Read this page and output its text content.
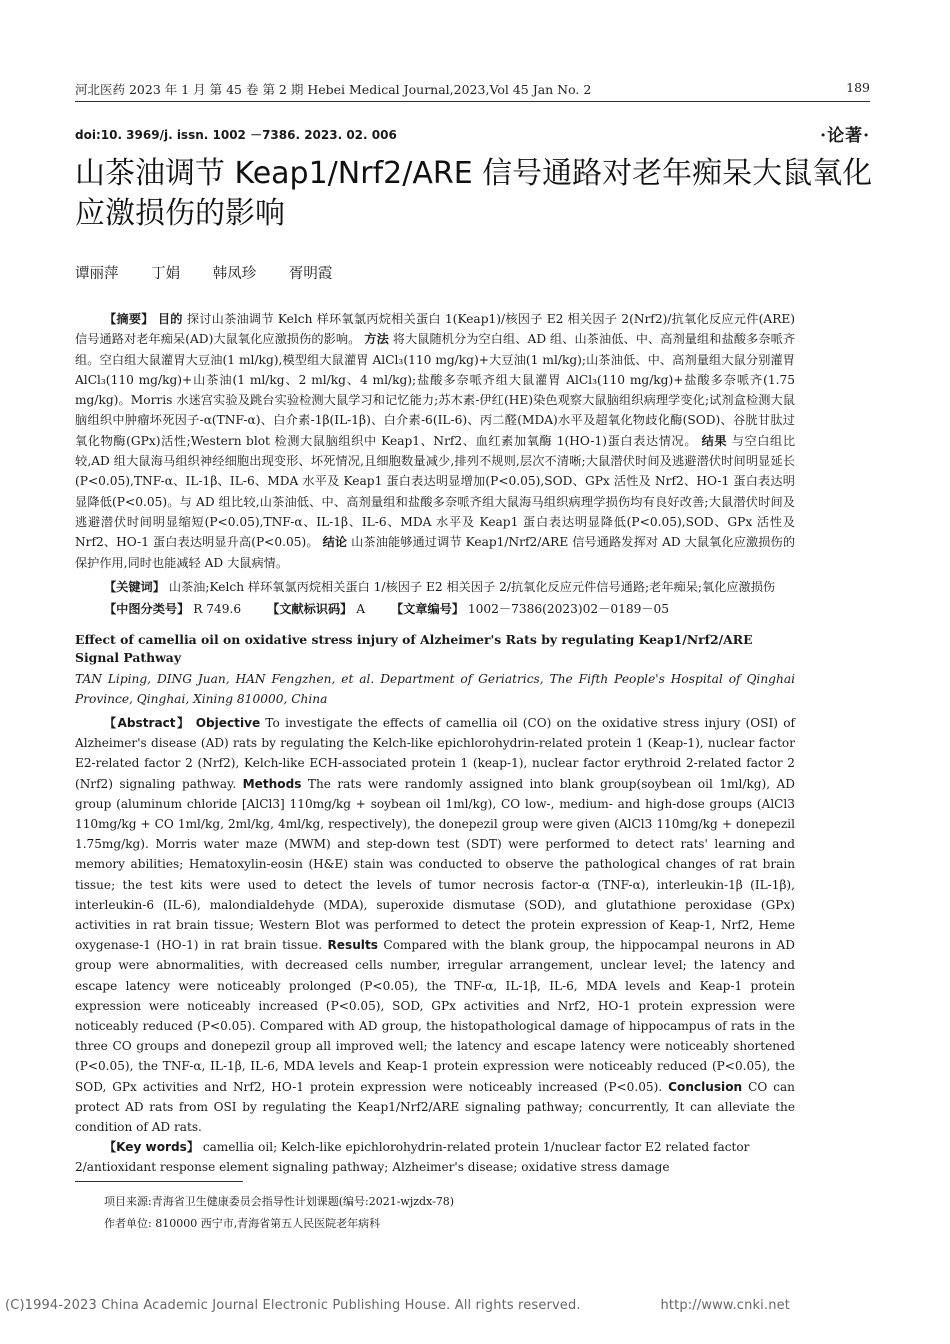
河北医药 2023 年 1 月 第 45 卷 第 2 期 Hebei Medical Journal,2023,Vol 45 Jan No. 2	189
doi:10. 3969/j. issn. 1002 －7386. 2023. 02. 006	·论著·
山茶油调节 Keap1/Nrf2/ARE 信号通路对老年痴呆大鼠氧化应激损伤的影响
谭丽萍 丁娟 韩凤珍 胥明霞

【摘要】 目的 探讨山茶油调节 Kelch 样环氧氯丙烷相关蛋白 1(Keap1)/核因子 E2 相关因子 2(Nrf2)/抗氧化反应元件(ARE)信号通路对老年痴呆(AD)大鼠氧化应激损伤的影响。 方法 将大鼠随机分为空白组、AD 组、山茶油低、中、高剂量组和盐酸多奈哌齐组。空白组大鼠灌胃大豆油(1 ml/kg),模型组大鼠灌胃 AlCl₃(110 mg/kg)+大豆油(1 ml/kg);山茶油低、中、高剂量组大鼠分别灌胃 AlCl₃(110 mg/kg)+山茶油(1 ml/kg、2 ml/kg、4 ml/kg);盐酸多奈哌齐组大鼠灌胃 AlCl₃(110 mg/kg)+盐酸多奈哌齐(1.75 mg/kg)。Morris 水迷宫实验及跳台实验检测大鼠学习和记忆能力;苏木素-伊红(HE)染色观察大鼠脑组织病理学变化;试剂盒检测大鼠脑组织中肿瘤坏死因子-α(TNF-α)、白介素-1β(IL-1β)、白介素-6(IL-6)、丙二醛(MDA)水平及超氧化物歧化酶(SOD)、谷胱甘肽过氧化物酶(GPx)活性;Western blot 检测大鼠脑组织中 Keap1、Nrf2、血红素加氧酶 1(HO-1)蛋白表达情况。 结果 与空白组比较,AD 组大鼠海马组织神经细胞出现变形、坏死情况,且细胞数量减少,排列不规则,层次不清晰;大鼠潜伏时间及逃避潜伏时间明显延长(P<0.05),TNF-α、IL-1β、IL-6、MDA 水平及 Keap1 蛋白表达明显增加(P<0.05),SOD、GPx 活性及 Nrf2、HO-1 蛋白表达明显降低(P<0.05)。与 AD 组比较,山茶油低、中、高剂量组和盐酸多奈哌齐组大鼠海马组织病理学损伤均有良好改善;大鼠潜伏时间及逃避潜伏时间明显缩短(P<0.05),TNF-α、IL-1β、IL-6、MDA 水平及 Keap1 蛋白表达明显降低(P<0.05),SOD、GPx 活性及 Nrf2、HO-1 蛋白表达明显升高(P<0.05)。 结论 山茶油能够通过调节 Keap1/Nrf2/ARE 信号通路发挥对 AD 大鼠氧化应激损伤的保护作用,同时也能减轻 AD 大鼠病情。

【关键词】 山茶油;Kelch 样环氧氯丙烷相关蛋白 1/核因子 E2 相关因子 2/抗氧化反应元件信号通路;老年痴呆;氧化应激损伤

【中图分类号】 R 749.6 【文献标识码】 A 【文章编号】 1002－7386(2023)02－0189－05

Effect of camellia oil on oxidative stress injury of Alzheimer's Rats by regulating Keap1/Nrf2/ARE Signal Pathway

TAN Liping, DING Juan, HAN Fengzhen, et al. Department of Geriatrics, The Fifth People's Hospital of Qinghai Province, Qinghai, Xining 810000, China

【Abstract】 Objective To investigate the effects of camellia oil (CO) on the oxidative stress injury (OSI) of Alzheimer's disease (AD) rats by regulating the Kelch-like epichlorohydrin-related protein 1 (Keap-1), nuclear factor E2-related factor 2 (Nrf2), Kelch-like ECH-associated protein 1 (keap-1), nuclear factor erythroid 2-related factor 2 (Nrf2) signaling pathway. Methods The rats were randomly assigned into blank group(soybean oil 1ml/kg), AD group (aluminum chloride [AlCl3] 110mg/kg + soybean oil 1ml/kg), CO low-, medium- and high-dose groups (AlCl3 110mg/kg + CO 1ml/kg, 2ml/kg, 4ml/kg, respectively), the donepezil group were given (AlCl3 110mg/kg + donepezil 1.75mg/kg). Morris water maze (MWM) and step-down test (SDT) were performed to detect rats' learning and memory abilities; Hematoxylin-eosin (H&E) stain was conducted to observe the pathological changes of rat brain tissue; the test kits were used to detect the levels of tumor necrosis factor-α (TNF-α), interleukin-1β (IL-1β), interleukin-6 (IL-6), malondialdehyde (MDA), superoxide dismutase (SOD), and glutathione peroxidase (GPx) activities in rat brain tissue; Western Blot was performed to detect the protein expression of Keap-1, Nrf2, Heme oxygenase-1 (HO-1) in rat brain tissue. Results Compared with the blank group, the hippocampal neurons in AD group were abnormalities, with decreased cells number, irregular arrangement, unclear level; the latency and escape latency were noticeably prolonged (P<0.05), the TNF-α, IL-1β, IL-6, MDA levels and Keap-1 protein expression were noticeably increased (P<0.05), SOD, GPx activities and Nrf2, HO-1 protein expression were noticeably reduced (P<0.05). Compared with AD group, the histopathological damage of hippocampus of rats in the three CO groups and donepezil group all improved well; the latency and escape latency were noticeably shortened (P<0.05), the TNF-α, IL-1β, IL-6, MDA levels and Keap-1 protein expression were noticeably reduced (P<0.05), the SOD, GPx activities and Nrf2, HO-1 protein expression were noticeably increased (P<0.05). Conclusion CO can protect AD rats from OSI by regulating the Keap1/Nrf2/ARE signaling pathway; concurrently, It can alleviate the condition of AD rats.

【Key words】 camellia oil; Kelch-like epichlorohydrin-related protein 1/nuclear factor E2 related factor 2/antioxidant response element signaling pathway; Alzheimer's disease; oxidative stress damage

项目来源:青海省卫生健康委员会指导性计划课题(编号:2021-wjzdx-78)

作者单位: 810000 西宁市,青海省第五人民医院老年病科
(C)1994-2023 China Academic Journal Electronic Publishing House. All rights reserved.	http://www.cnki.net
